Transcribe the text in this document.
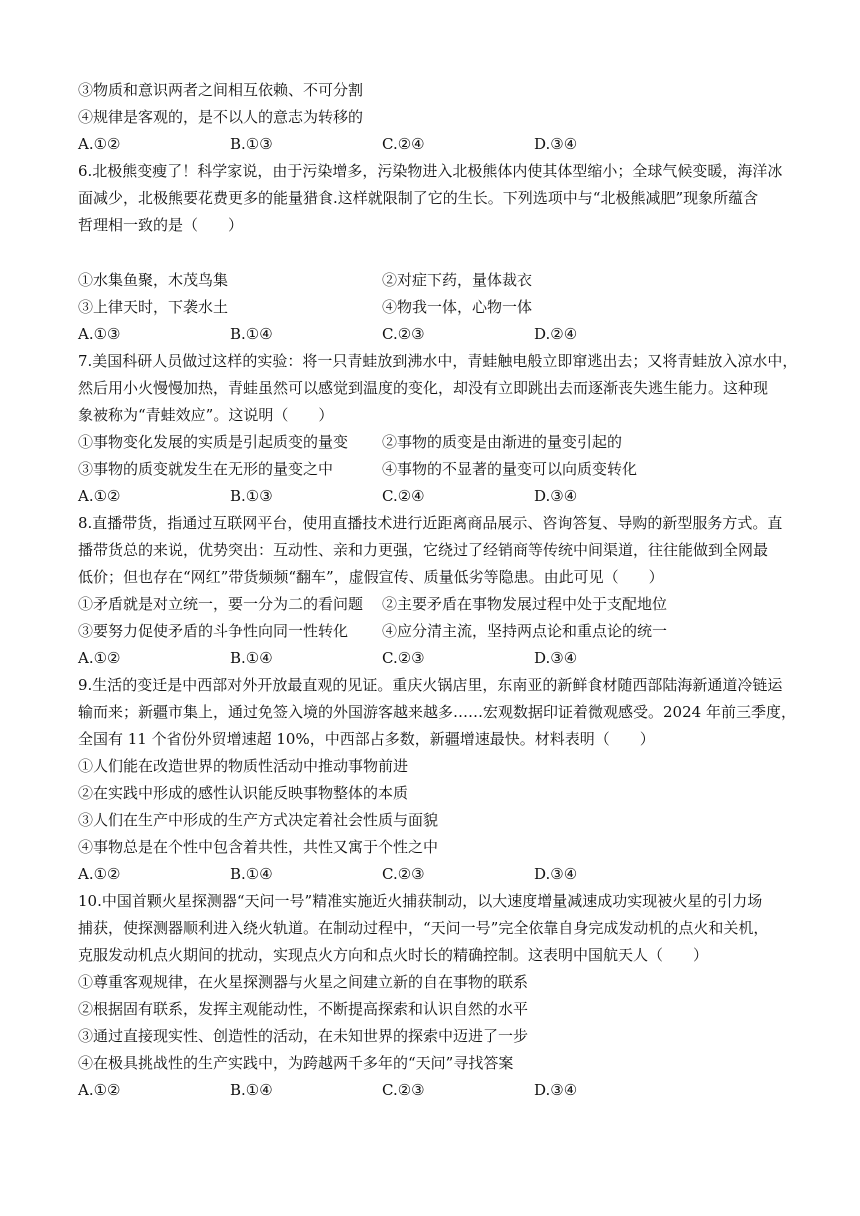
③物质和意识两者之间相互依赖、不可分割
④规律是客观的，是不以人的意志为转移的
A.①②	B.①③	C.②④	D.③④
6.北极熊变瘦了！科学家说，由于污染增多，污染物进入北极熊体内使其体型缩小；全球气候变暖，海洋冰
面减少，北极熊要花费更多的能量猎食.这样就限制了它的生长。下列选项中与“北极熊减肥”现象所蕴含
哲理相一致的是（　　）
①水集鱼聚，木茂鸟集	②对症下药，量体裁衣
③上律天时，下袭水土	④物我一体，心物一体
A.①③	B.①④	C.②③	D.②④
7.美国科研人员做过这样的实验：将一只青蛙放到沸水中，青蛙触电般立即窜逃出去；又将青蛙放入凉水中，
然后用小火慢慢加热，青蛙虽然可以感觉到温度的变化，却没有立即跳出去而逐渐丧失逃生能力。这种现
象被称为“青蛙效应”。这说明（　　）
①事物变化发展的实质是引起质变的量变 ②事物的质变是由渐进的量变引起的
③事物的质变就发生在无形的量变之中	④事物的不显著的量变可以向质变转化
A.①②	B.①③	C.②④	D.③④
8.直播带货，指通过互联网平台，使用直播技术进行近距离商品展示、咨询答复、导购的新型服务方式。直
播带货总的来说，优势突出：互动性、亲和力更强，它绕过了经销商等传统中间渠道，往往能做到全网最
低价；但也存在“网红”带货频频“翻车”，虚假宣传、质量低劣等隐患。由此可见（　　）
①矛盾就是对立统一，要一分为二的看问题 ②主要矛盾在事物发展过程中处于支配地位
③要努力促使矛盾的斗争性向同一性转化 ④应分清主流，坚持两点论和重点论的统一
A.①②	B.①④	C.②③	D.③④
9.生活的变迁是中西部对外开放最直观的见证。重庆火锅店里，东南亚的新鲜食材随西部陆海新通道冷链运
输而来；新疆市集上，通过免签入境的外国游客越来越多……宏观数据印证着微观感受。2024 年前三季度，
全国有 11 个省份外贸增速超 10%，中西部占多数，新疆增速最快。材料表明（　　）
①人们能在改造世界的物质性活动中推动事物前进
②在实践中形成的感性认识能反映事物整体的本质
③人们在生产中形成的生产方式决定着社会性质与面貌
④事物总是在个性中包含着共性，共性又寓于个性之中
A.①②	B.①④	C.②③	D.③④
10.中国首颗火星探测器“天问一号”精准实施近火捕获制动，以大速度增量减速成功实现被火星的引力场
捕获，使探测器顺利进入绕火轨道。在制动过程中，“天问一号”完全依靠自身完成发动机的点火和关机，
克服发动机点火期间的扰动，实现点火方向和点火时长的精确控制。这表明中国航天人（　　）
①尊重客观规律，在火星探测器与火星之间建立新的自在事物的联系
②根据固有联系，发挥主观能动性，不断提高探索和认识自然的水平
③通过直接现实性、创造性的活动，在未知世界的探索中迈进了一步
④在极具挑战性的生产实践中，为跨越两千多年的“天问”寻找答案
A.①②	B.①④	C.②③	D.③④
